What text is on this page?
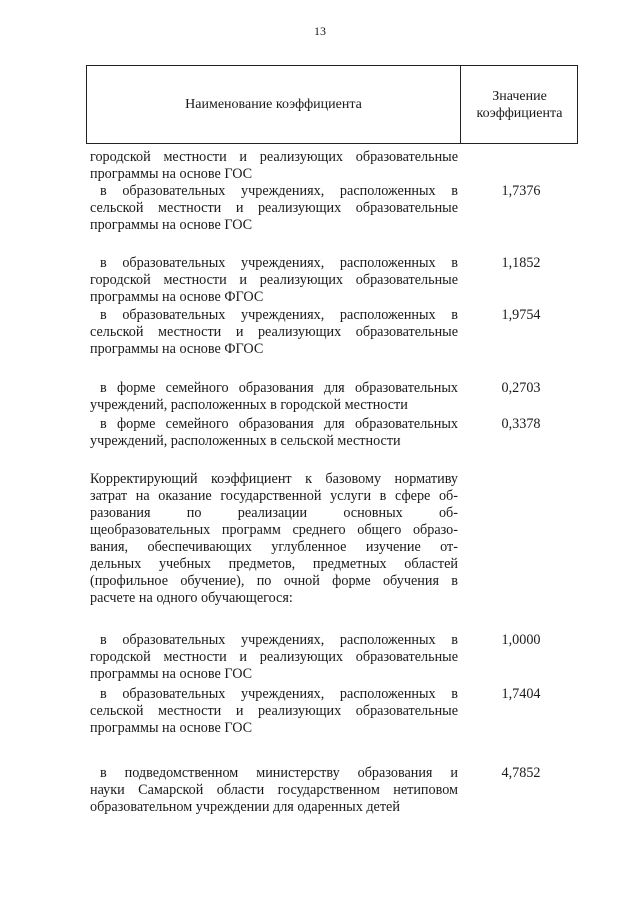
13
Наименование коэффициента
Значение
коэффициента
городской местности и реализующих образовательные
программы на основе ГОС
в образовательных учреждениях, расположенных в
сельской местности и реализующих образовательные
программы на основе ГОС
1,7376
в образовательных учреждениях, расположенных в
городской местности и реализующих образовательные
программы на основе ФГОС
1,1852
в образовательных учреждениях, расположенных в
сельской местности и реализующих образовательные
программы на основе ФГОС
1,9754
в форме семейного образования для образовательных
учреждений, расположенных в городской местности
0,2703
в форме семейного образования для образовательных
учреждений, расположенных в сельской местности
0,3378
Корректирующий коэффициент к базовому нормативу
затрат на оказание государственной услуги в сфере об-
разования по реализации основных об-
щеобразовательных программ среднего общего образо-
вания, обеспечивающих углубленное изучение от-
дельных учебных предметов, предметных областей
(профильное обучение), по очной форме обучения в
расчете на одного обучающегося:
в образовательных учреждениях, расположенных в
городской местности и реализующих образовательные
программы на основе ГОС
1,0000
в образовательных учреждениях, расположенных в
сельской местности и реализующих образовательные
программы на основе ГОС
1,7404
в подведомственном министерству образования и
науки Самарской области государственном нетиповом
образовательном учреждении для одаренных детей
4,7852
